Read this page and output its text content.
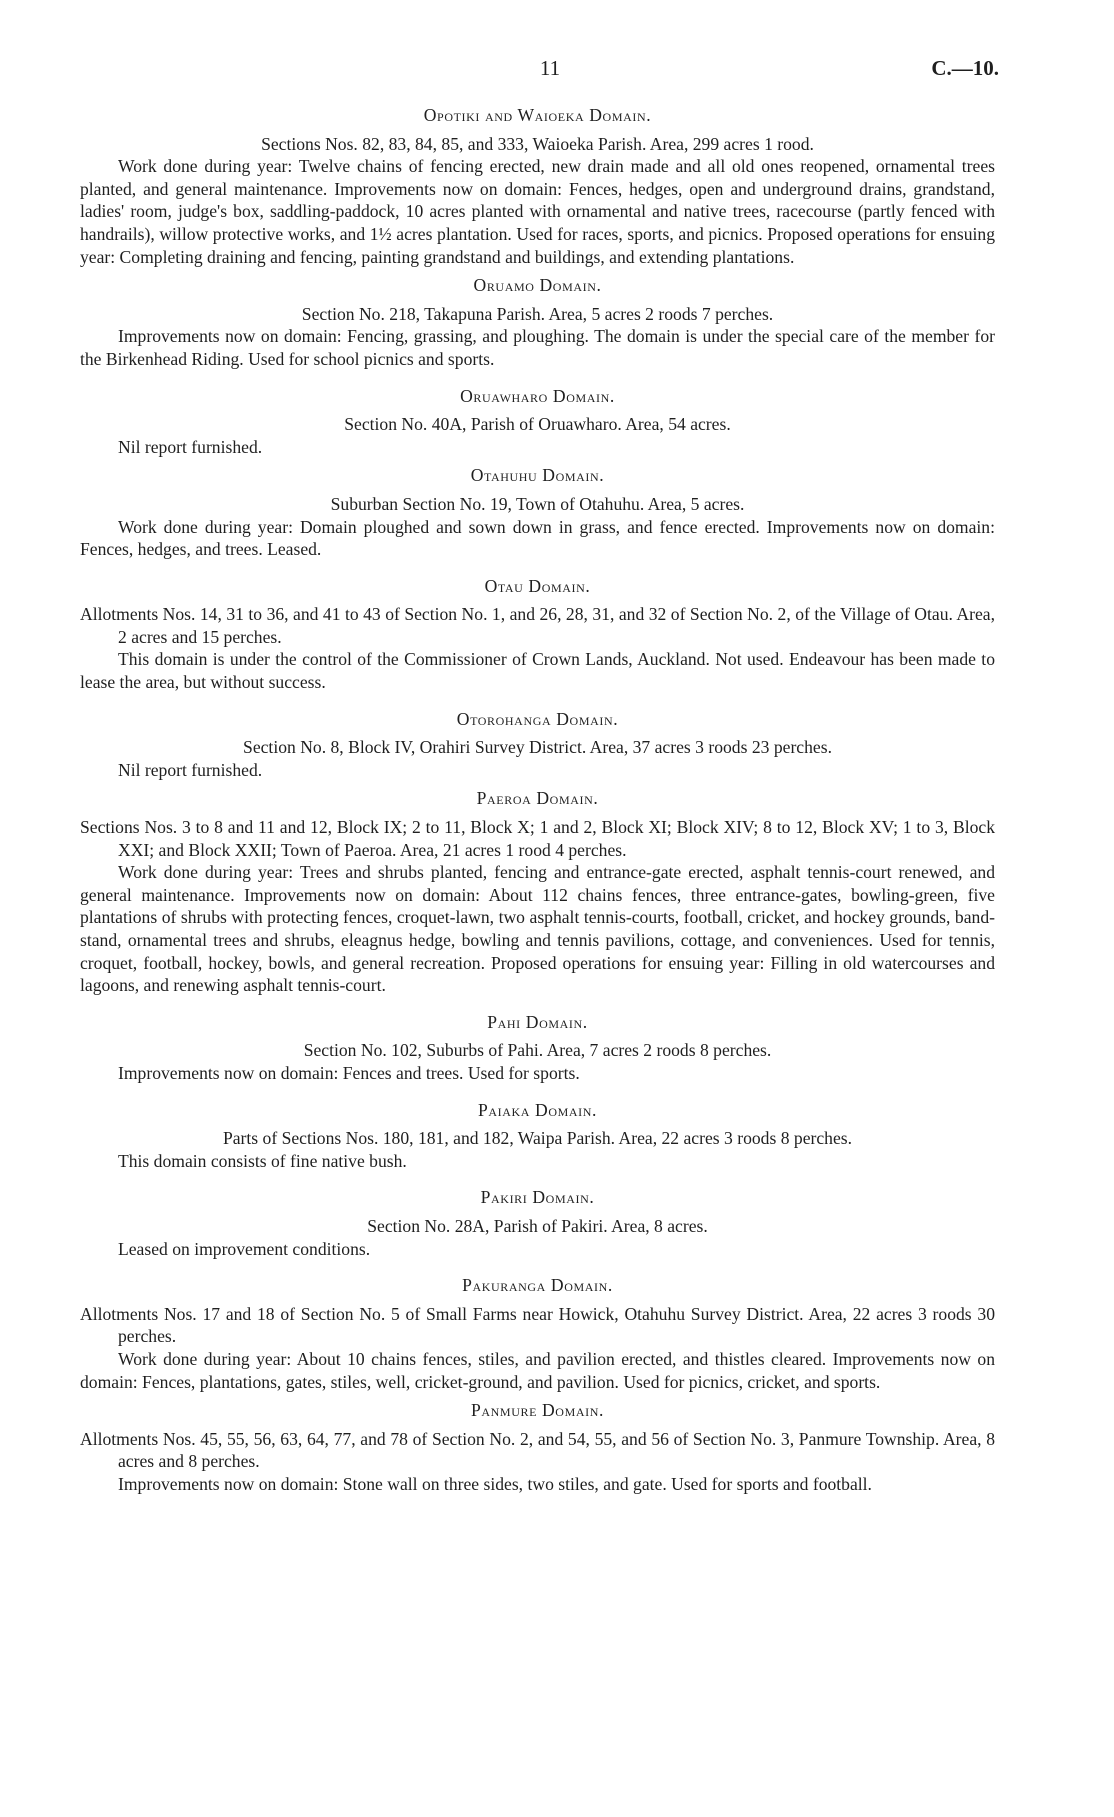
11	C.—10.

Opotiki and Waioeka Domain.

Sections Nos. 82, 83, 84, 85, and 333, Waioeka Parish. Area, 299 acres 1 rood.

Work done during year: Twelve chains of fencing erected, new drain made and all old ones reopened, ornamental trees planted, and general maintenance. Improvements now on domain: Fences, hedges, open and underground drains, grandstand, ladies' room, judge's box, saddling-paddock, 10 acres planted with ornamental and native trees, racecourse (partly fenced with handrails), willow protective works, and 1½ acres plantation. Used for races, sports, and picnics. Proposed operations for ensuing year: Completing draining and fencing, painting grandstand and buildings, and extending plantations.

Oruamo Domain.

Section No. 218, Takapuna Parish. Area, 5 acres 2 roods 7 perches.

Improvements now on domain: Fencing, grassing, and ploughing. The domain is under the special care of the member for the Birkenhead Riding. Used for school picnics and sports.

Oruawharo Domain.

Section No. 40A, Parish of Oruawharo. Area, 54 acres.

Nil report furnished.

Otahuhu Domain.

Suburban Section No. 19, Town of Otahuhu. Area, 5 acres.

Work done during year: Domain ploughed and sown down in grass, and fence erected. Improvements now on domain: Fences, hedges, and trees. Leased.

Otau Domain.

Allotments Nos. 14, 31 to 36, and 41 to 43 of Section No. 1, and 26, 28, 31, and 32 of Section No. 2, of the Village of Otau. Area, 2 acres and 15 perches.

This domain is under the control of the Commissioner of Crown Lands, Auckland. Not used. Endeavour has been made to lease the area, but without success.

Otorohanga Domain.

Section No. 8, Block IV, Orahiri Survey District. Area, 37 acres 3 roods 23 perches.

Nil report furnished.

Paeroa Domain.

Sections Nos. 3 to 8 and 11 and 12, Block IX; 2 to 11, Block X; 1 and 2, Block XI; Block XIV; 8 to 12, Block XV; 1 to 3, Block XXI; and Block XXII; Town of Paeroa. Area, 21 acres 1 rood 4 perches.

Work done during year: Trees and shrubs planted, fencing and entrance-gate erected, asphalt tennis-court renewed, and general maintenance. Improvements now on domain: About 112 chains fences, three entrance-gates, bowling-green, five plantations of shrubs with protecting fences, croquet-lawn, two asphalt tennis-courts, football, cricket, and hockey grounds, band-stand, ornamental trees and shrubs, eleagnus hedge, bowling and tennis pavilions, cottage, and conveniences. Used for tennis, croquet, football, hockey, bowls, and general recreation. Proposed operations for ensuing year: Filling in old watercourses and lagoons, and renewing asphalt tennis-court.

Pahi Domain.

Section No. 102, Suburbs of Pahi. Area, 7 acres 2 roods 8 perches.

Improvements now on domain: Fences and trees. Used for sports.

Paiaka Domain.

Parts of Sections Nos. 180, 181, and 182, Waipa Parish. Area, 22 acres 3 roods 8 perches.

This domain consists of fine native bush.

Pakiri Domain.

Section No. 28A, Parish of Pakiri. Area, 8 acres.

Leased on improvement conditions.

Pakuranga Domain.

Allotments Nos. 17 and 18 of Section No. 5 of Small Farms near Howick, Otahuhu Survey District. Area, 22 acres 3 roods 30 perches.

Work done during year: About 10 chains fences, stiles, and pavilion erected, and thistles cleared. Improvements now on domain: Fences, plantations, gates, stiles, well, cricket-ground, and pavilion. Used for picnics, cricket, and sports.

Panmure Domain.

Allotments Nos. 45, 55, 56, 63, 64, 77, and 78 of Section No. 2, and 54, 55, and 56 of Section No. 3, Panmure Township. Area, 8 acres and 8 perches.

Improvements now on domain: Stone wall on three sides, two stiles, and gate. Used for sports and football.
